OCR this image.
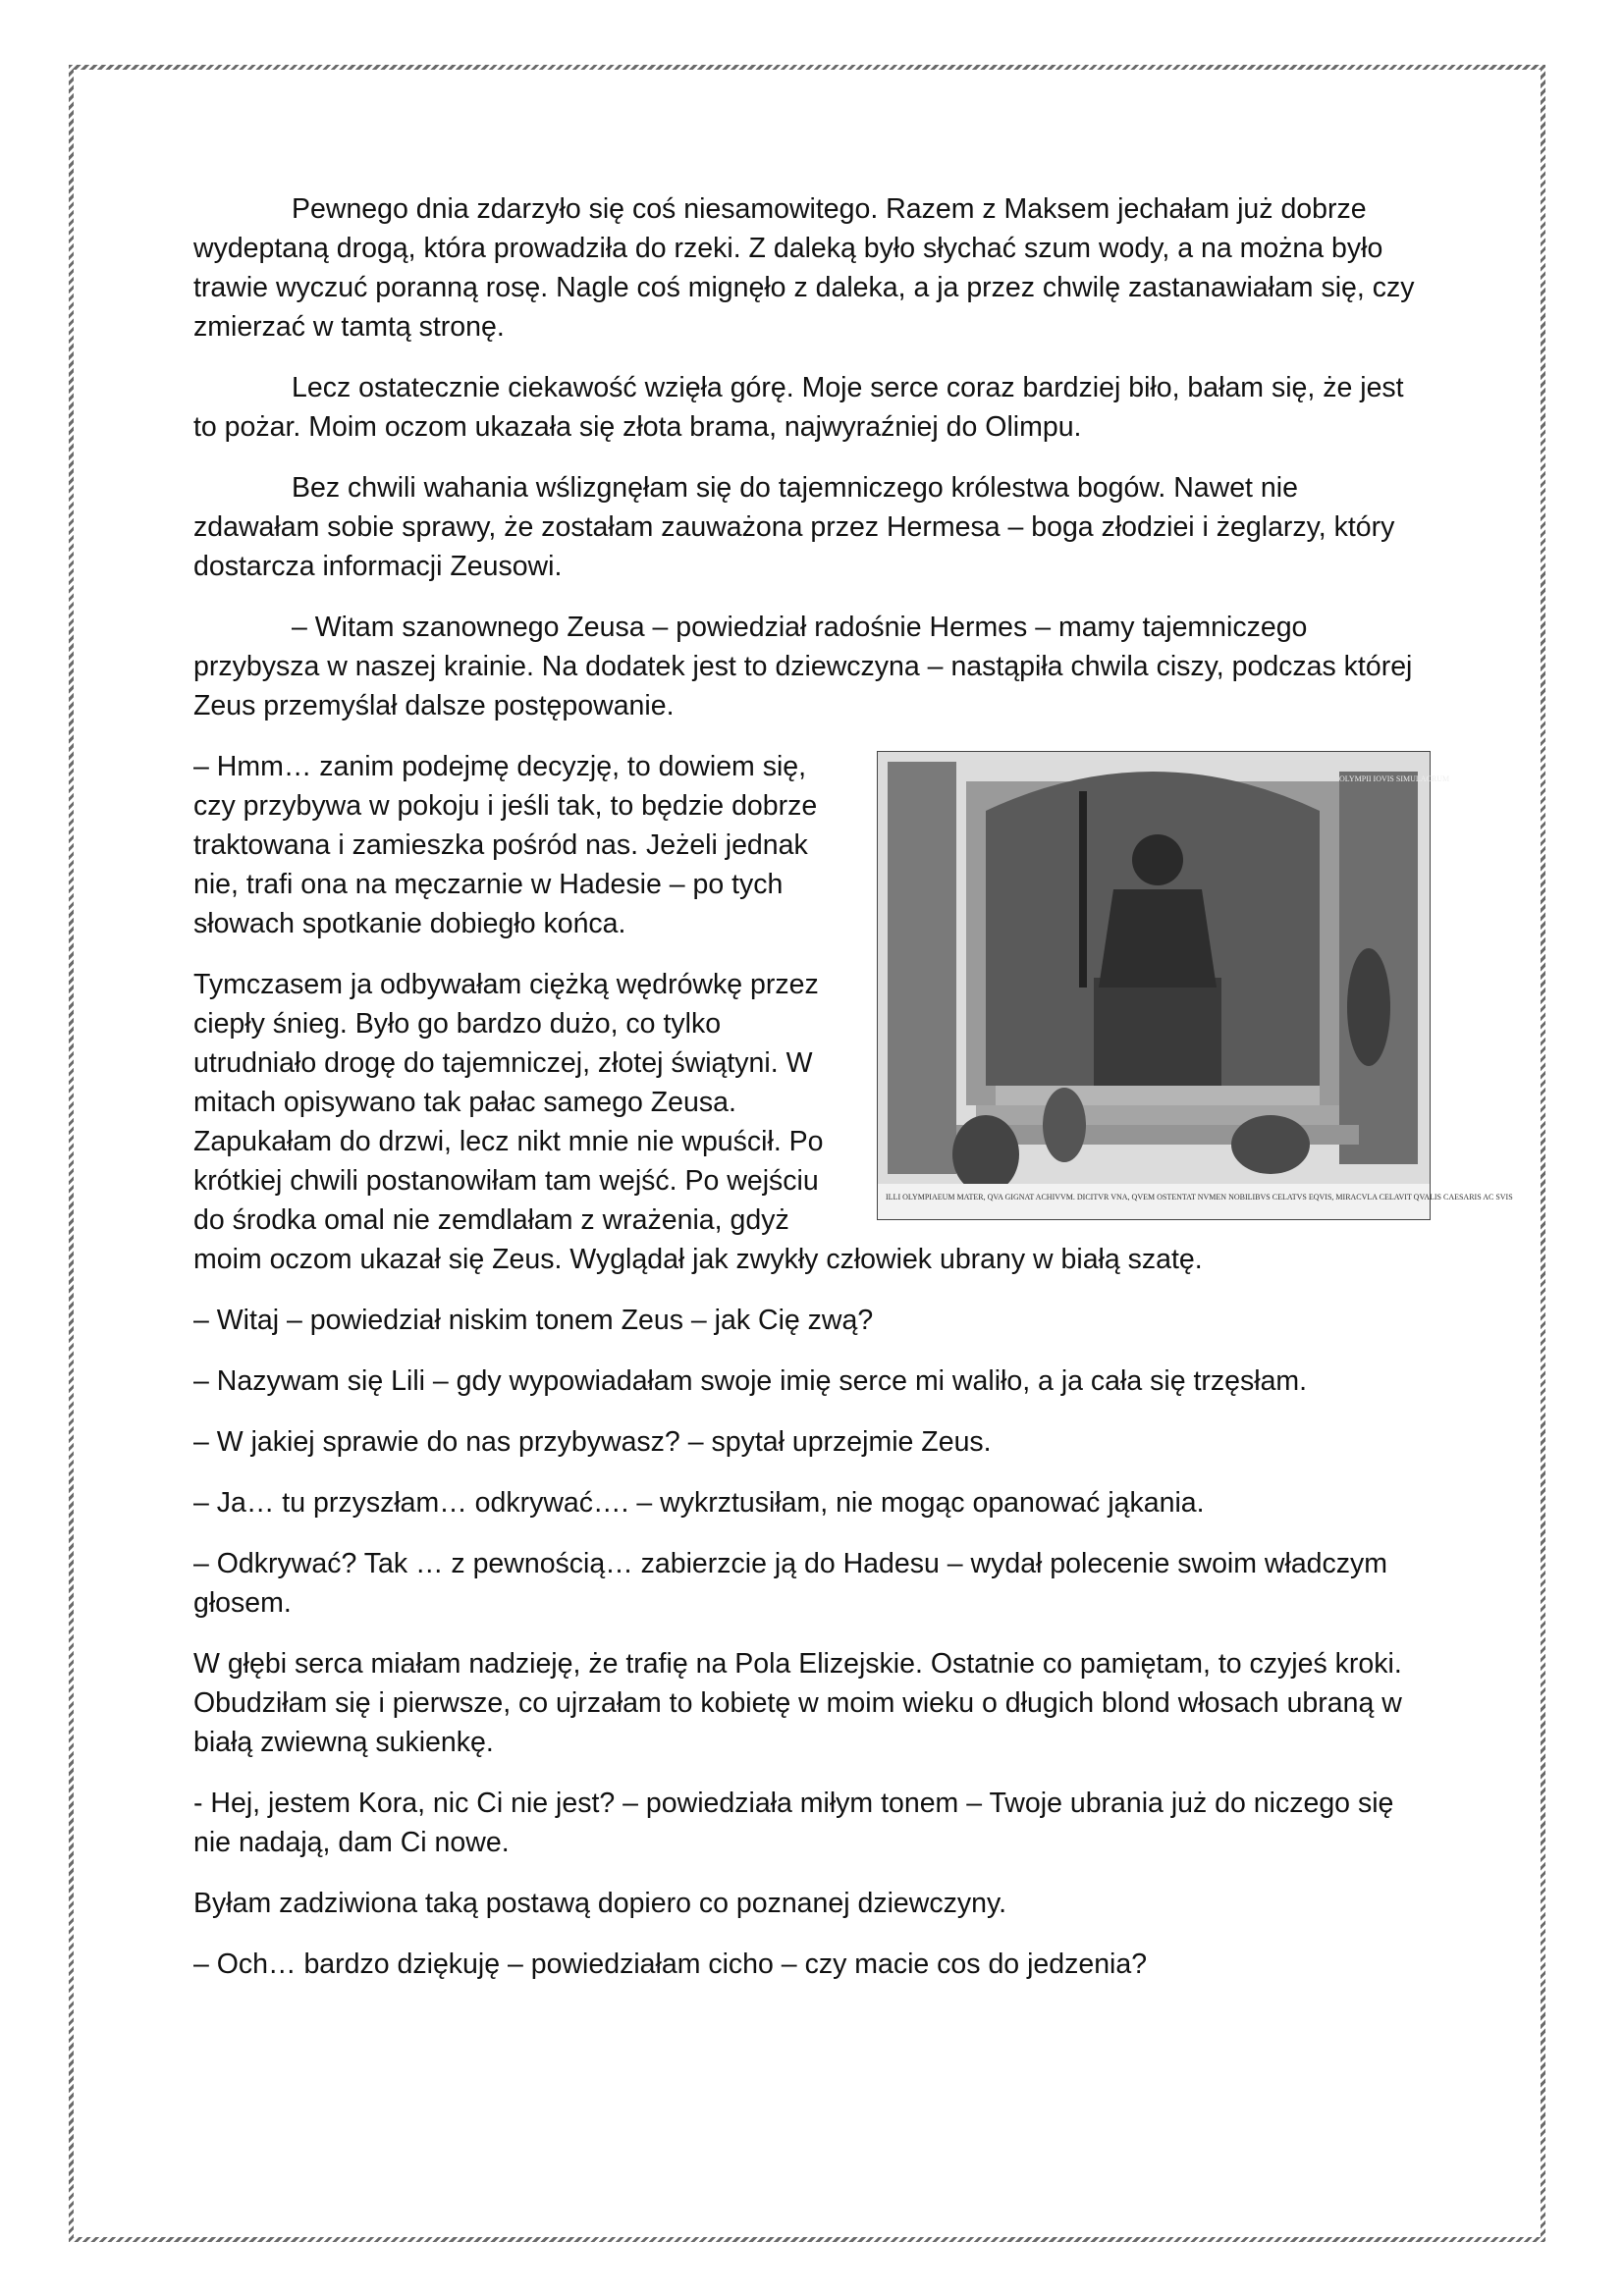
Pewnego dnia zdarzyło się coś niesamowitego. Razem z Maksem jechałam już dobrze wydeptaną drogą, która prowadziła do rzeki. Z daleką było słychać szum wody, a na można było trawie wyczuć poranną rosę. Nagle coś mignęło z daleka, a ja przez chwilę zastanawiałam się, czy zmierzać w tamtą stronę.

Lecz ostatecznie ciekawość wzięła górę. Moje serce coraz bardziej biło, bałam się, że jest to pożar. Moim oczom ukazała się złota brama, najwyraźniej do Olimpu.

Bez chwili wahania wślizgnęłam się do tajemniczego królestwa bogów. Nawet nie zdawałam sobie sprawy, że zostałam zauważona przez Hermesa – boga złodziei i żeglarzy, który dostarcza informacji Zeusowi.

– Witam szanownego Zeusa – powiedział radośnie Hermes – mamy tajemniczego przybysza w naszej krainie. Na dodatek jest to dziewczyna – nastąpiła chwila ciszy, podczas której Zeus przemyślał dalsze postępowanie.

ILLI OLYMPIAEUM MATER, QVA GIGNAT ACHIVVM. DICITVR VNA, QVEM OSTENTAT NVMEN NOBILIBVS CELATVS EQVIS, MIRACVLA CELAVIT QVALIS CAESARIS AC SVIS
OLYMPII IOVIS SIMULACRUM

– Hmm… zanim podejmę decyzję, to dowiem się, czy przybywa w pokoju i jeśli tak, to będzie dobrze traktowana i zamieszka pośród nas. Jeżeli jednak nie, trafi ona na męczarnie w Hadesie – po tych słowach spotkanie dobiegło końca.

Tymczasem ja odbywałam ciężką wędrówkę przez ciepły śnieg. Było go bardzo dużo, co tylko utrudniało drogę do tajemniczej, złotej świątyni. W mitach opisywano tak pałac samego Zeusa. Zapukałam do drzwi, lecz nikt mnie nie wpuścił. Po krótkiej chwili postanowiłam tam wejść. Po wejściu do środka omal nie zemdlałam z wrażenia, gdyż moim oczom ukazał się Zeus. Wyglądał jak zwykły człowiek ubrany w białą szatę.

– Witaj – powiedział niskim tonem Zeus – jak Cię zwą?

– Nazywam się Lili – gdy wypowiadałam swoje imię serce mi waliło, a ja cała się trzęsłam.

– W jakiej sprawie do nas przybywasz? – spytał uprzejmie Zeus.

– Ja… tu przyszłam… odkrywać…. – wykrztusiłam, nie mogąc opanować jąkania.

– Odkrywać? Tak … z pewnością… zabierzcie ją do Hadesu – wydał polecenie swoim władczym głosem.

W głębi serca miałam nadzieję, że trafię na Pola Elizejskie. Ostatnie co pamiętam, to czyjeś kroki. Obudziłam się i pierwsze, co ujrzałam to kobietę w moim wieku o długich blond włosach ubraną w białą zwiewną sukienkę.

- Hej, jestem Kora, nic Ci nie jest? – powiedziała miłym tonem – Twoje ubrania już do niczego się nie nadają, dam Ci nowe.

Byłam zadziwiona taką postawą dopiero co poznanej dziewczyny.

– Och… bardzo dziękuję – powiedziałam cicho – czy macie cos do jedzenia?
